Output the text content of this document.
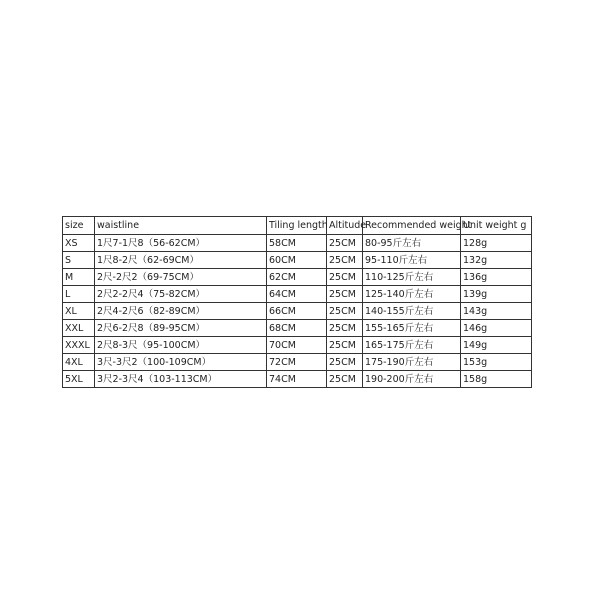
size	waistline	Tiling length	Altitude	Recommended weight	Unit weight g
XS	1尺7-1尺8（56-62CM）	58CM	25CM	80-95斤左右	128g
S	1尺8-2尺（62-69CM）	60CM	25CM	95-110斤左右	132g
M	2尺-2尺2（69-75CM）	62CM	25CM	110-125斤左右	136g
L	2尺2-2尺4（75-82CM）	64CM	25CM	125-140斤左右	139g
XL	2尺4-2尺6（82-89CM）	66CM	25CM	140-155斤左右	143g
XXL	2尺6-2尺8（89-95CM）	68CM	25CM	155-165斤左右	146g
XXXL	2尺8-3尺（95-100CM）	70CM	25CM	165-175斤左右	149g
4XL	3尺-3尺2（100-109CM）	72CM	25CM	175-190斤左右	153g
5XL	3尺2-3尺4（103-113CM）	74CM	25CM	190-200斤左右	158g
